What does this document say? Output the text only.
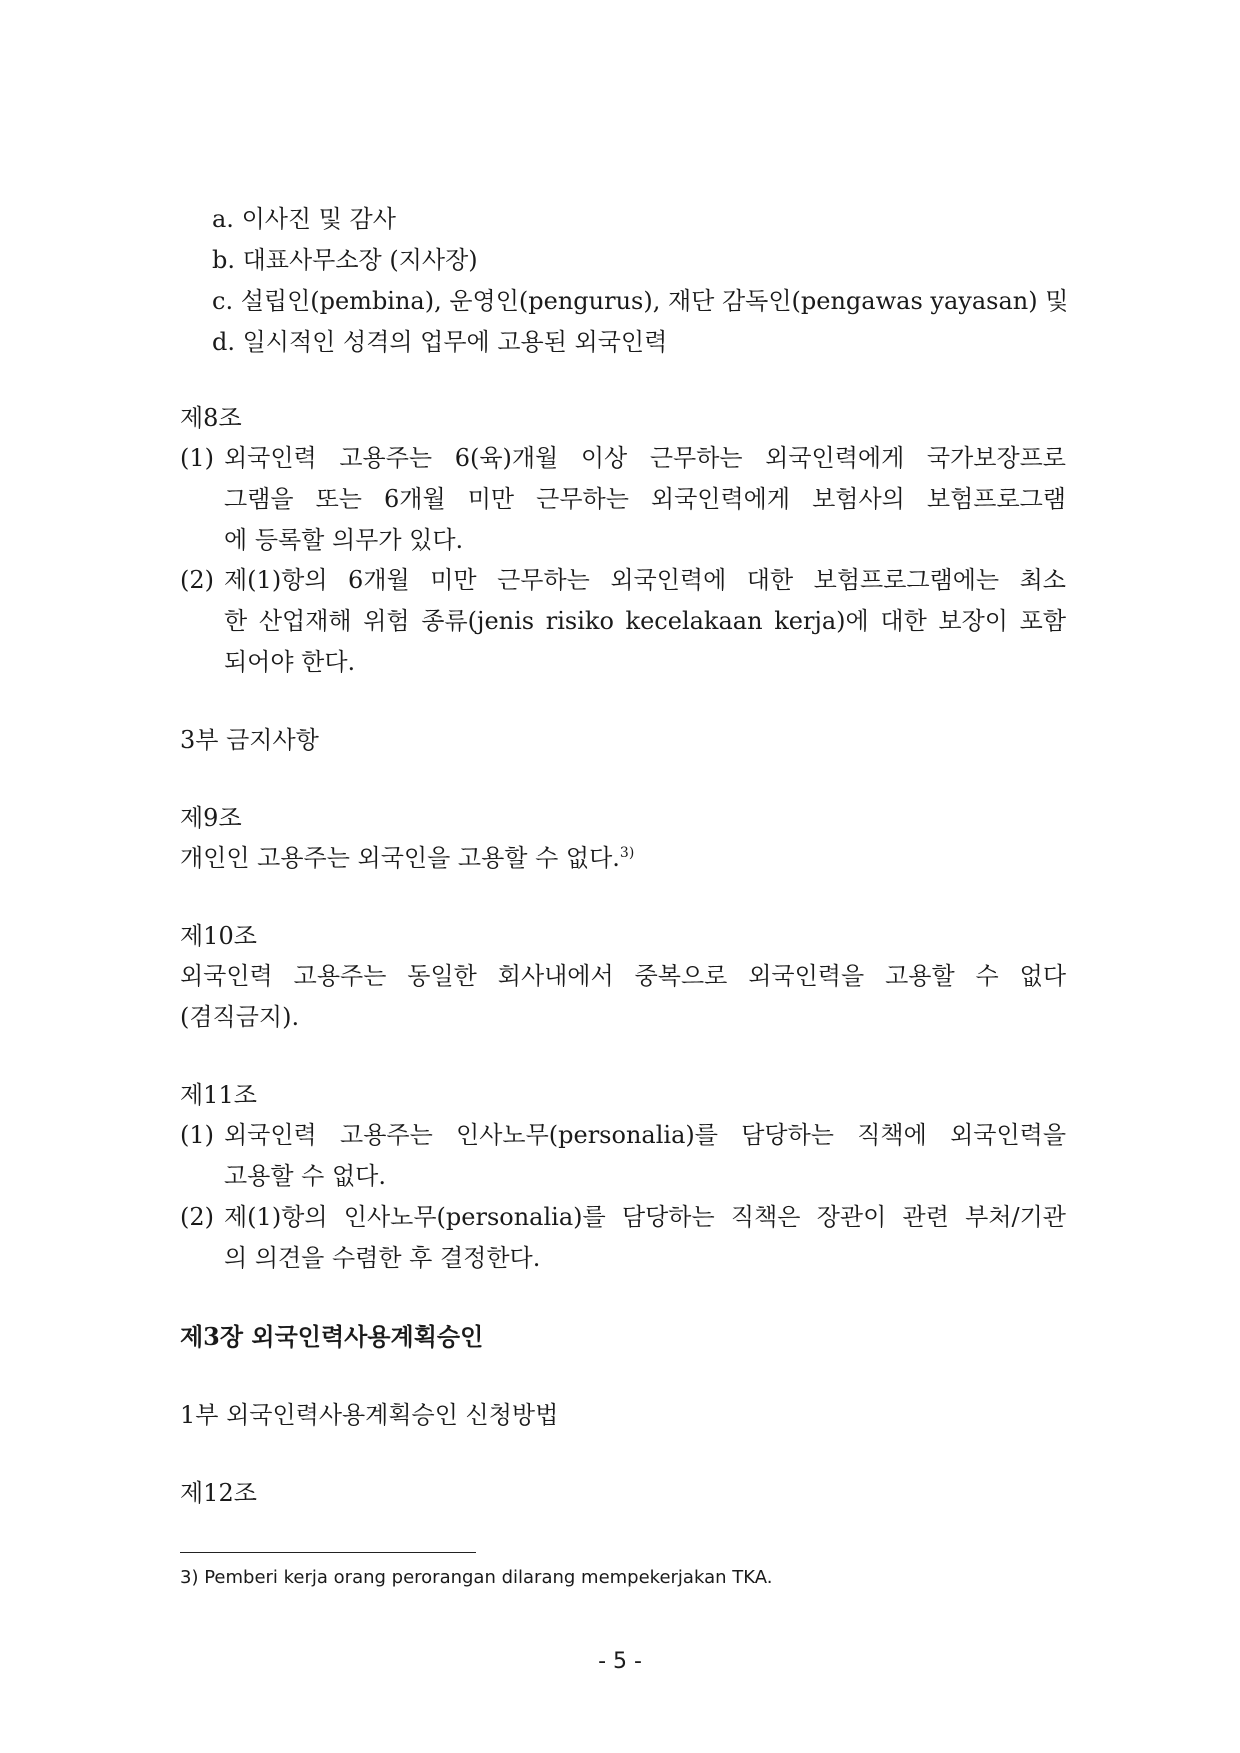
a. 이사진 및 감사
b. 대표사무소장 (지사장)
c. 설립인(pembina), 운영인(pengurus), 재단 감독인(pengawas yayasan) 및
d. 일시적인 성격의 업무에 고용된 외국인력
제8조
(1) 외국인력 고용주는 6(육)개월 이상 근무하는 외국인력에게 국가보장프로
그램을 또는 6개월 미만 근무하는 외국인력에게 보험사의 보험프로그램
에 등록할 의무가 있다.
(2) 제(1)항의 6개월 미만 근무하는 외국인력에 대한 보험프로그램에는 최소
한 산업재해 위험 종류(jenis risiko kecelakaan kerja)에 대한 보장이 포함
되어야 한다.
3부 금지사항
제9조
개인인 고용주는 외국인을 고용할 수 없다.$^{3)}$
제10조
외국인력 고용주는 동일한 회사내에서 중복으로 외국인력을 고용할 수 없다
(겸직금지).
제11조
(1) 외국인력 고용주는 인사노무(personalia)를 담당하는 직책에 외국인력을
고용할 수 없다.
(2) 제(1)항의 인사노무(personalia)를 담당하는 직책은 장관이 관련 부처/기관
의 의견을 수렴한 후 결정한다.
제3장 외국인력사용계획승인
1부 외국인력사용계획승인 신청방법
제12조
3) Pemberi kerja orang perorangan dilarang mempekerjakan TKA.
- 5 -
